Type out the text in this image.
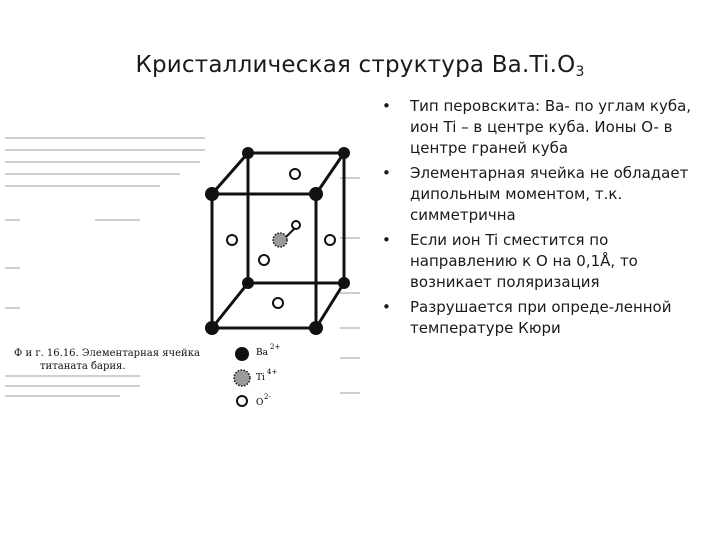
Кристаллическая структура $Ba.Ti.O_3$
Ф и г. 16.16. Элементарная ячейка
титаната бария.
Ba
2+
Ti
4+
O
2-
• Тип перовскита: Ba- по углам куба, ион Ti – в центре куба. Ионы O- в центре граней куба
• Элементарная ячейка не обладает дипольным моментом, т.к. симметрична
• Если ион Ti сместится по направлению к O на 0,1Å, то возникает поляризация
• Разрушается при опреде-ленной температуре Кюри
